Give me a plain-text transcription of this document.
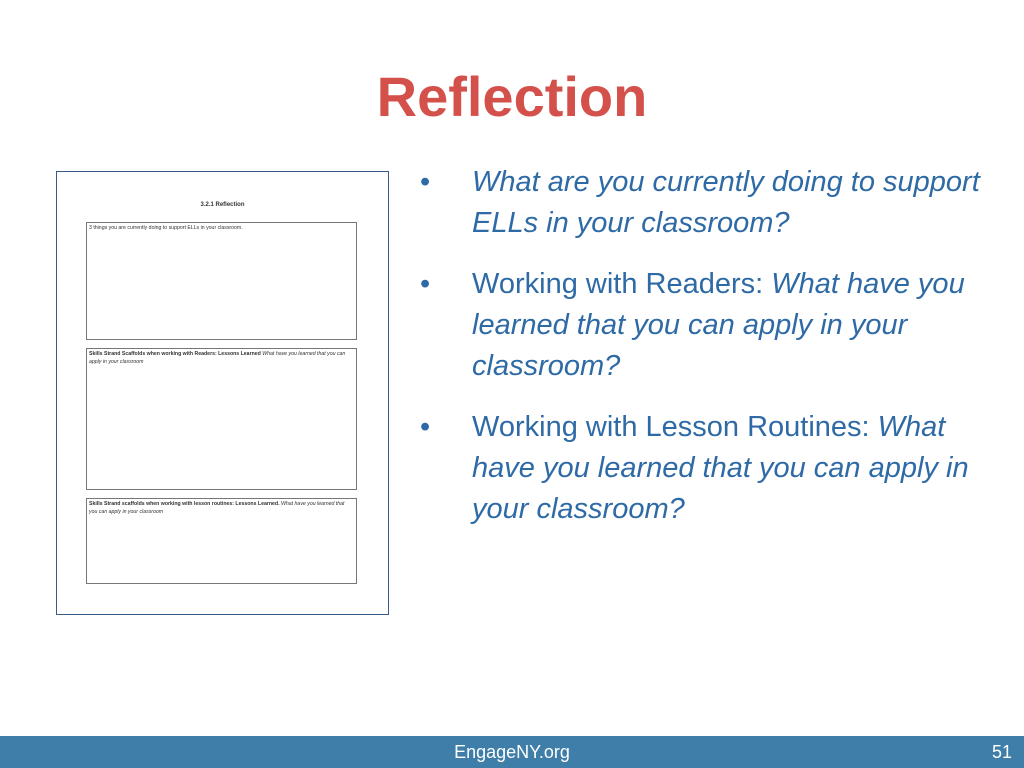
Reflection
3.2.1 Reflection
3 things you are currently doing to support ELLs in your classroom.
Skills Strand Scaffolds when working with Readers: Lessons Learned What have you learned that you can apply in your classroom
Skills Strand scaffolds when working with lesson routines: Lessons Learned. What have you learned that you can apply in your classroom
• What are you currently doing to support ELLs in your classroom?
• Working with Readers: What have you learned that you can apply in your classroom?
• Working with Lesson Routines: What have you learned that you can apply in your classroom?
EngageNY.org	51
